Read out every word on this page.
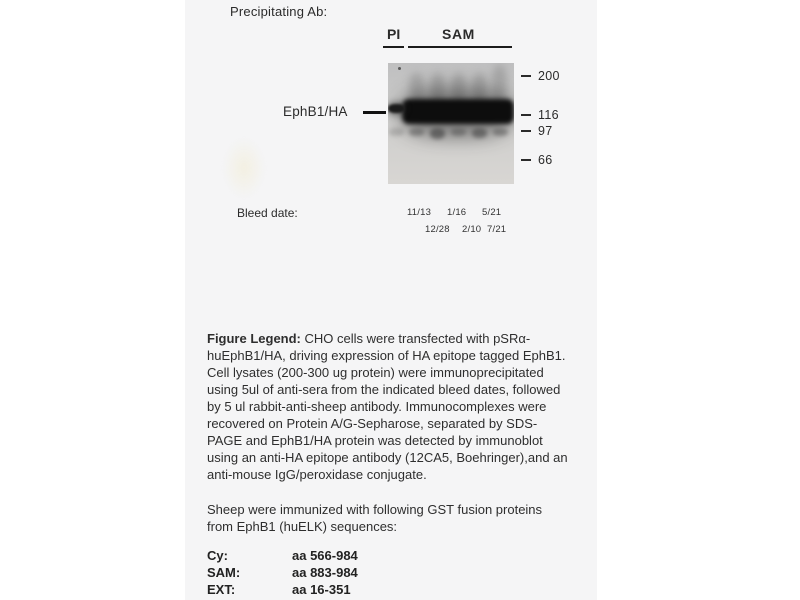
Precipitating Ab:
PI	SAM
EphB1/HA
200
116
97
66
Bleed date:	11/13 1/16 5/21
12/28 2/10 7/21
Figure Legend: CHO cells were transfected with pSRα-
huEphB1/HA, driving expression of HA epitope tagged EphB1.
Cell lysates (200-300 ug protein) were immunoprecipitated
using 5ul of anti-sera from the indicated bleed dates, followed
by 5 ul rabbit-anti-sheep antibody. Immunocomplexes were
recovered on Protein A/G-Sepharose, separated by SDS-
PAGE and EphB1/HA protein was detected by immunoblot
using an anti-HA epitope antibody (12CA5, Boehringer),and an
anti-mouse IgG/peroxidase conjugate.
Sheep were immunized with following GST fusion proteins
from EphB1 (huELK) sequences:
Cy:	aa 566-984
SAM:	aa 883-984
EXT:	aa 16-351
